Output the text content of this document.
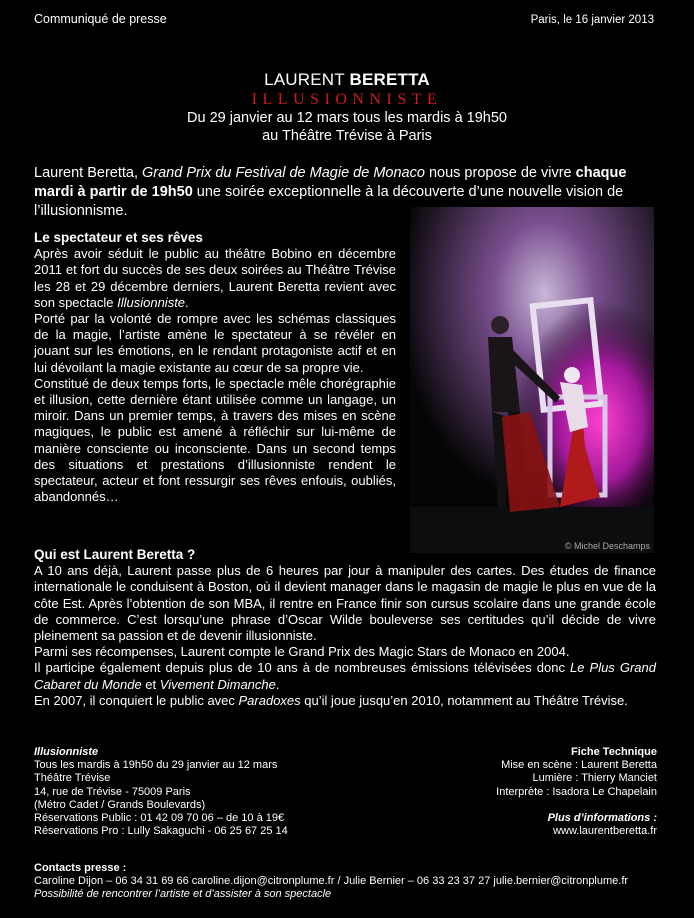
Communiqué de presse	Paris, le 16 janvier 2013
LAURENT BERETTA
ILLUSIONNISTE
Du 29 janvier au 12 mars tous les mardis à 19h50
au Théâtre Trévise à Paris
Laurent Beretta, Grand Prix du Festival de Magie de Monaco nous propose de vivre chaque mardi à partir de 19h50 une soirée exceptionnelle à la découverte d’une nouvelle vision de l’illusionnisme.

Le spectateur et ses rêves

Après avoir séduit le public au théâtre Bobino en décembre 2011 et fort du succès de ses deux soirées au Théâtre Trévise les 28 et 29 décembre derniers, Laurent Beretta revient avec son spectacle Illusionniste.

Porté par la volonté de rompre avec les schémas classiques de la magie, l’artiste amène le spectateur à se révéler en jouant sur les émotions, en le rendant protagoniste actif et en lui dévoilant la magie existante au cœur de sa propre vie.

Constitué de deux temps forts, le spectacle mêle chorégraphie et illusion, cette dernière étant utilisée comme un langage, un miroir. Dans un premier temps, à travers des mises en scène magiques, le public est amené à réfléchir sur lui-même de manière consciente ou inconsciente. Dans un second temps des situations et prestations d’illusionniste rendent le spectateur, acteur et font ressurgir ses rêves enfouis, oubliés, abandonnés…

© Michel Deschamps

Qui est Laurent Beretta ?

A 10 ans déjà, Laurent passe plus de 6 heures par jour à manipuler des cartes. Des études de finance internationale le conduisent à Boston, où il devient manager dans le magasin de magie le plus en vue de la côte Est. Après l’obtention de son MBA, il rentre en France finir son cursus scolaire dans une grande école de commerce. C’est lorsqu’une phrase d’Oscar Wilde bouleverse ses certitudes qu’il décide de vivre pleinement sa passion et de devenir illusionniste.

Parmi ses récompenses, Laurent compte le Grand Prix des Magic Stars de Monaco en 2004.

Il participe également depuis plus de 10 ans à de nombreuses émissions télévisées donc Le Plus Grand Cabaret du Monde et Vivement Dimanche.

En 2007, il conquiert le public avec Paradoxes qu’il joue jusqu’en 2010, notamment au Théâtre Trévise.

Illusionniste
Tous les mardis à 19h50 du 29 janvier au 12 mars
Théâtre Trévise
14, rue de Trévise - 75009 Paris
(Métro Cadet / Grands Boulevards)
Réservations Public : 01 42 09 70 06 – de 10 à 19€
Réservations Pro : Lully Sakaguchi - 06 25 67 25 14
Fiche Technique
Mise en scène : Laurent Beretta
Lumière : Thierry Manciet
Interprète : Isadora Le Chapelain
Plus d’informations :
www.laurentberetta.fr
Contacts presse :
Caroline Dijon – 06 34 31 69 66 caroline.dijon@citronplume.fr / Julie Bernier – 06 33 23 37 27 julie.bernier@citronplume.fr
Possibilité de rencontrer l’artiste et d’assister à son spectacle
